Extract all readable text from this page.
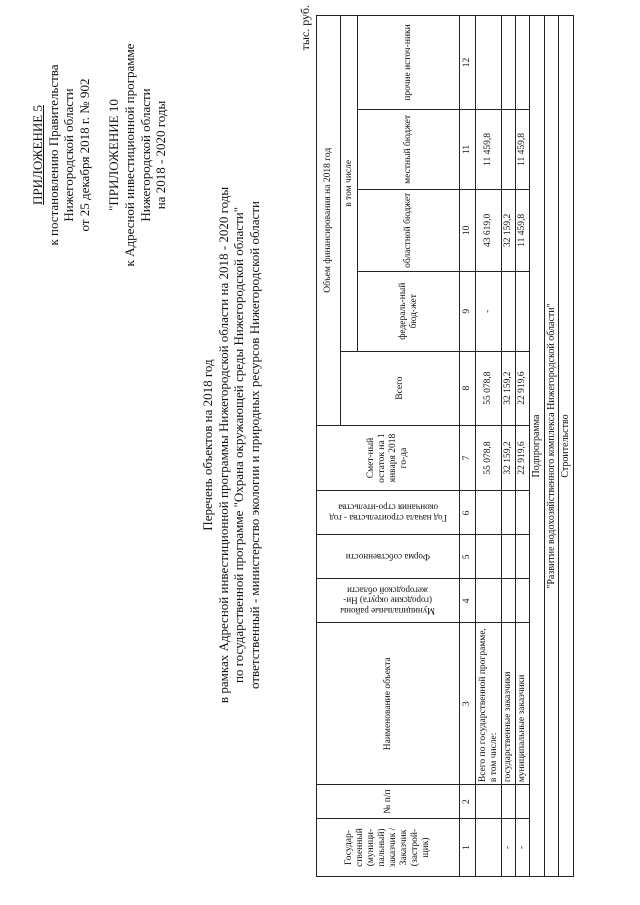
ПРИЛОЖЕНИЕ 5 к постановлению Правительства Нижегородской области от 25 декабря 2018 г. № 902 "ПРИЛОЖЕНИЕ 10 к Адресной инвестиционной программе Нижегородской области на 2018 - 2020 годы
Перечень объектов на 2018 год в рамках Адресной инвестиционной программы Нижегородской области на 2018 - 2020 годы по государственной программе "Охрана окружающей среды Нижегородской области" ответственный - министерство экологии и природных ресурсов Нижегородской области
тыс. руб.
Государ-ственный (муници-пальный) заказчик /Заказчик (застрой-щик)	№ п/п	Наименование объекта	Муниципальные районы (городские округа) Ни-жегородской области	Форма собственности	Год начала строительства - год окончания стро-ительства	Смет-ный остаток на 1 января 2018 го-да	Объем финансирования на 2018 год				
							Всего	в том числе			
								федераль-ный бюд-жет	областной бюджет	местный бюджет	прочие источ-ники
1	2	3	4	5	6	7	8	9	10	11	12
		Всего по государственной программе, в том числе:				55 078,8	55 078,8	-	43 619,0	11 459,8	
-		государственные заказчики				32 159,2	32 159,2		32 159,2		
-		муниципальные заказчики				22 919,6	22 919,6		11 459,8	11 459,8	
Подпрограмма											
"Развитие водохозяйственного комплекса Нижегородской области"											
Строительство											
